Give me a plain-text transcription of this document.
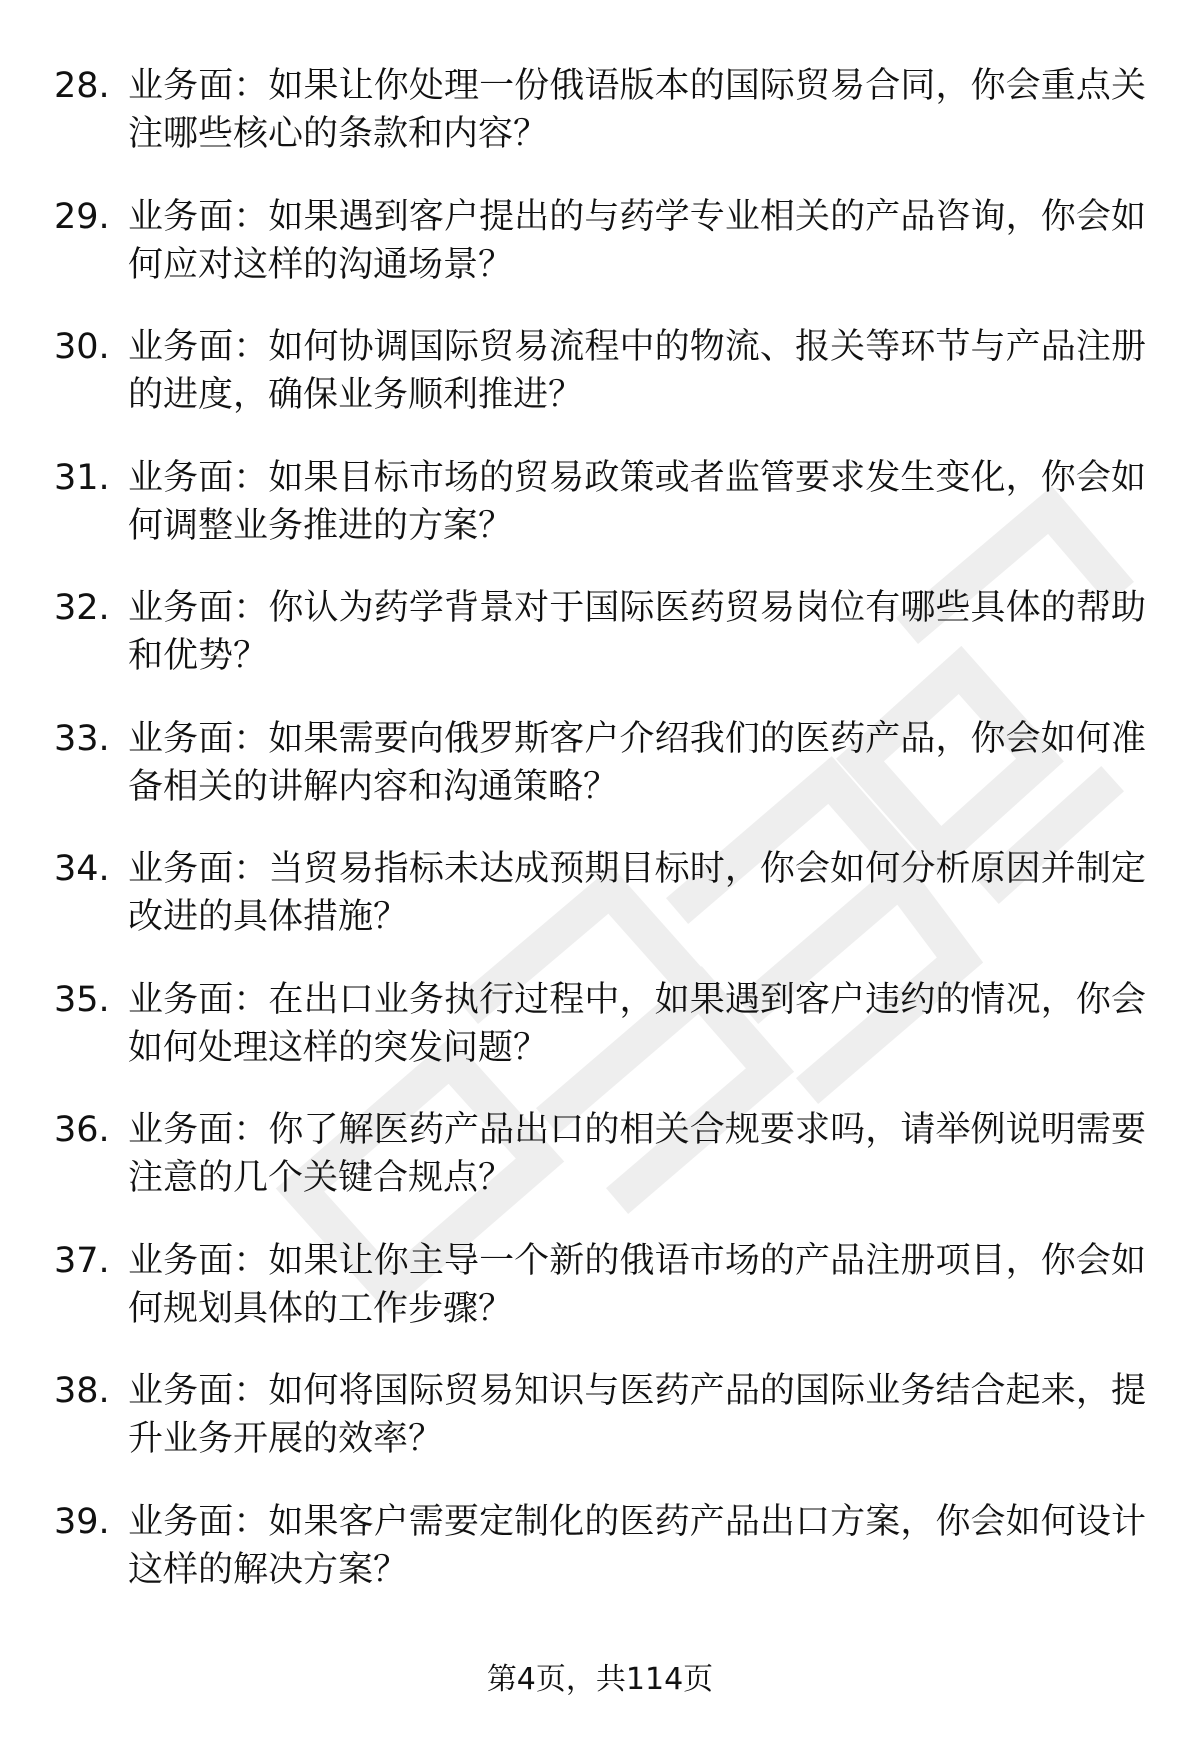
28. 业务面：如果让你处理一份俄语版本的国际贸易合同，你会重点关注哪些核心的条款和内容？
29. 业务面：如果遇到客户提出的与药学专业相关的产品咨询，你会如何应对这样的沟通场景？
30. 业务面：如何协调国际贸易流程中的物流、报关等环节与产品注册的进度，确保业务顺利推进？
31. 业务面：如果目标市场的贸易政策或者监管要求发生变化，你会如何调整业务推进的方案？
32. 业务面：你认为药学背景对于国际医药贸易岗位有哪些具体的帮助和优势？
33. 业务面：如果需要向俄罗斯客户介绍我们的医药产品，你会如何准备相关的讲解内容和沟通策略？
34. 业务面：当贸易指标未达成预期目标时，你会如何分析原因并制定改进的具体措施？
35. 业务面：在出口业务执行过程中，如果遇到客户违约的情况，你会如何处理这样的突发问题？
36. 业务面：你了解医药产品出口的相关合规要求吗，请举例说明需要注意的几个关键合规点？
37. 业务面：如果让你主导一个新的俄语市场的产品注册项目，你会如何规划具体的工作步骤？
38. 业务面：如何将国际贸易知识与医药产品的国际业务结合起来，提升业务开展的效率？
39. 业务面：如果客户需要定制化的医药产品出口方案，你会如何设计这样的解决方案？
第4页，共114页
